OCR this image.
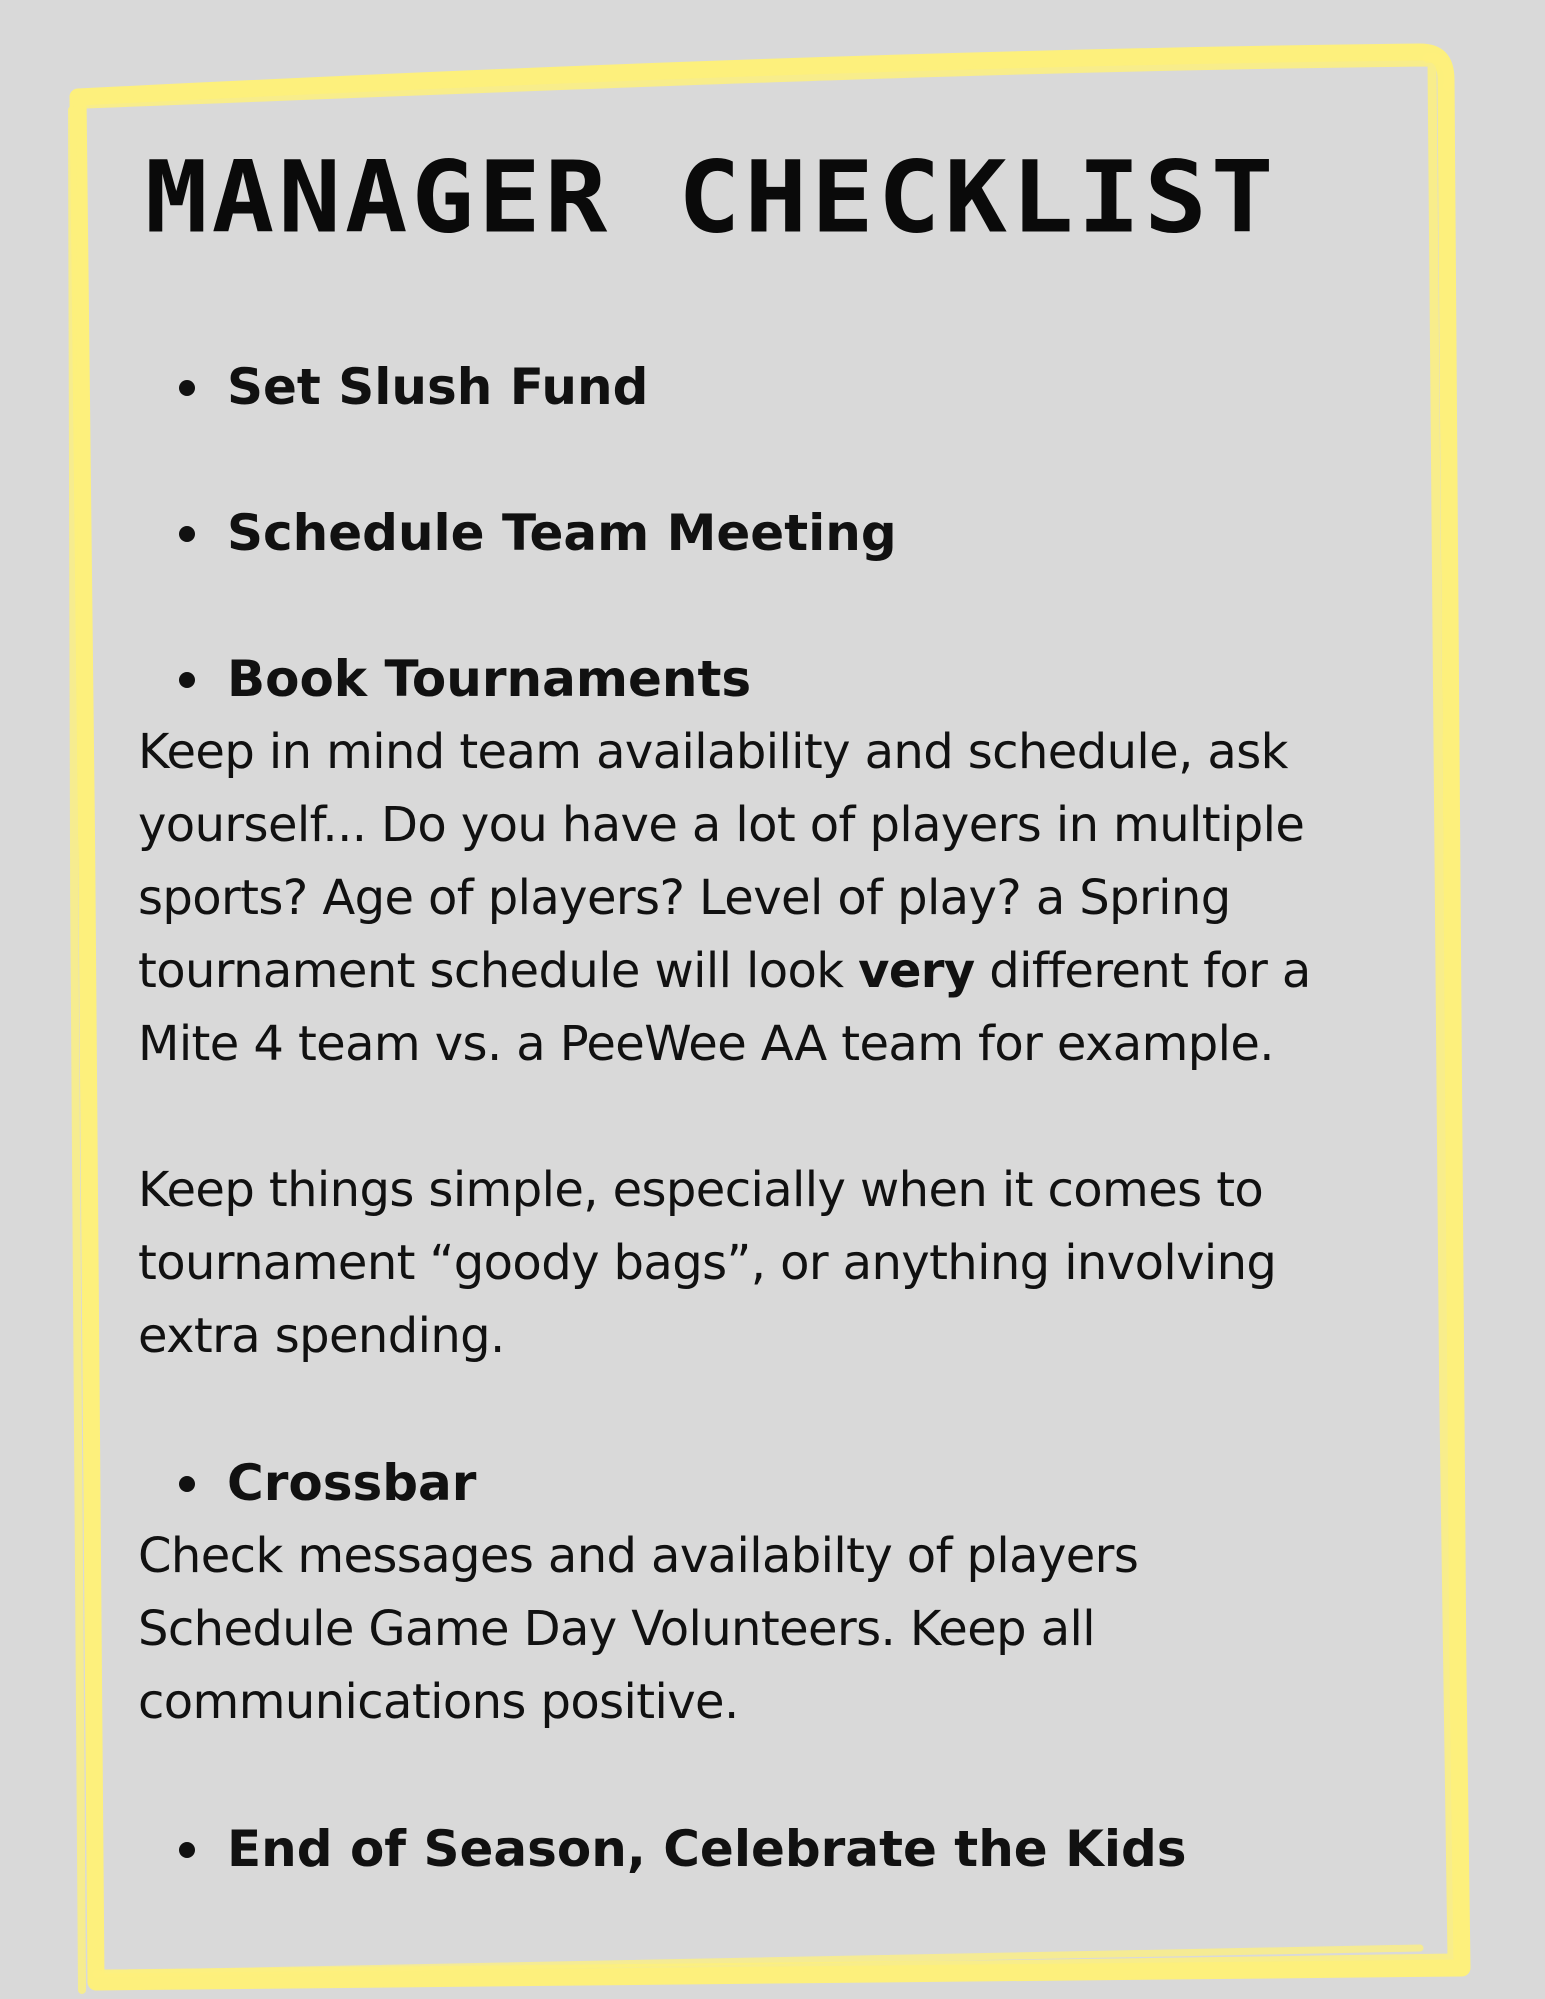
MANAGER CHECKLIST

Set Slush Fund

Schedule Team Meeting

Book Tournaments

Keep in mind team availability and schedule, ask
yourself... Do you have a lot of players in multiple
sports? Age of players? Level of play? a Spring
tournament schedule will look very different for a
Mite 4 team vs. a PeeWee AA team for example.

Keep things simple, especially when it comes to
tournament “goody bags”, or anything involving
extra spending.

Crossbar

Check messages and availabilty of players
Schedule Game Day Volunteers. Keep all
communications positive.

End of Season, Celebrate the Kids
